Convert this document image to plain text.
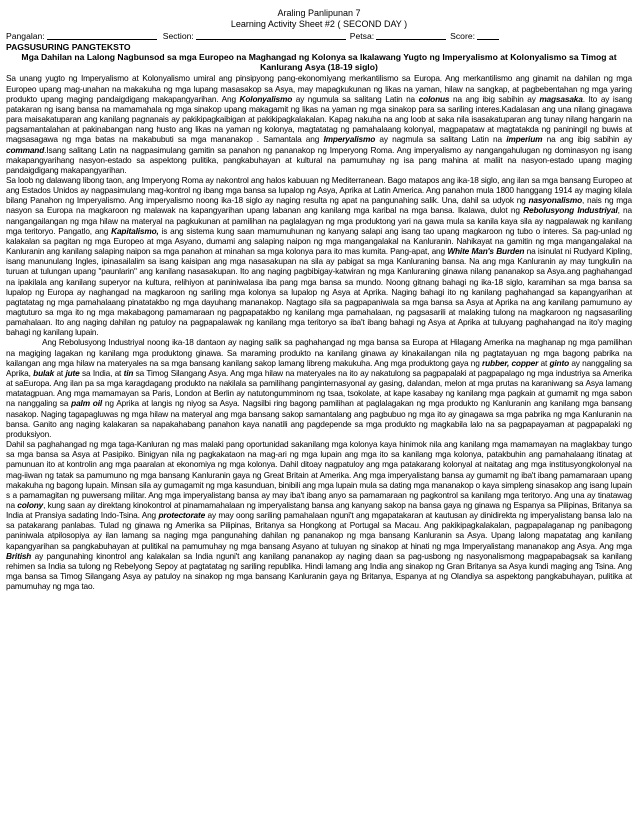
Araling Panlipunan 7
Learning Activity Sheet #2 ( SECOND DAY )
Pangalan:	Section:	Petsa:	Score:
PAGSUSURING PANGTEKSTO
Mga Dahilan na Lalong Nagbunsod sa mga Europeo na Maghangad ng Kolonya sa Ikalawang Yugto ng Imperyalismo at Kolonyalismo sa Timog at Kanlurang Asya (18-19 siglo)

Sa unang yugto ng Imperyalismo at Kolonyalismo umiral ang pinsipyong pang-ekonomiyang merkantilismo sa Europa. Ang merkantilismo ang ginamit na dahilan ng mga Europeo upang mag-unahan na makakuha ng mga lupang masasakop sa Asya, may mapagkukunan ng likas na yaman, hilaw na sangkap, at pagbebentahan ng mga yaring produkto upang maging pandaigdigang makapangyarihan. Ang Kolonyalismo ay ngumula sa salitang Latin na colonus na ang ibig sabihin ay magsasaka. Ito ay isang patakaran ng isang bansa na mamamahala ng mga sinakop upang makagamit ng likas na yaman ng mga sinakop para sa sariling interes.Kadalasan ang una nilang ginagawa para maisakatuparan ang kanilang pagnanais ay pakikipagkaibigan at pakikipagkalakalan. Kapag nakuha na ang loob at saka nila isasakatuparan ang tunay nilang hangarin na pagsamantalahan at pakinabangan nang husto ang likas na yaman ng kolonya, magtatatag ng pamahalaang kolonyal, magpapataw at magtatakda ng paniningil ng buwis at magsasagawa ng mga batas na makabubuti sa mga mananakop . Samantala ang Imperyalismo ay nagmula sa salitang Latin na imperium na ang ibig sabihin ay command.Isang salitang Latin na nagpasimulang gamitin sa panahon ng pananakop ng Imperyong Roma. Ang imperyalismo ay nangangahulugan ng dominasyon ng isang makapangyarihang nasyon-estado sa aspektong pulitika, pangkabuhayan at kultural na pamumuhay ng isa pang mahina at maliit na nasyon-estado upang maging pandaigdigang makapangyarihan.

Sa loob ng dalawang libong taon, ang Imperyong Roma ay nakontrol ang halos kabuuan ng Mediterranean. Bago matapos ang ika-18 siglo, ang ilan sa mga bansang Europeo at ang Estados Unidos ay nagpasimulang mag-kontrol ng ibang mga bansa sa lupalop ng Asya, Aprika at Latin America. Ang panahon mula 1800 hanggang 1914 ay maging kilala bilang Panahon ng Imperyalismo. Ang imperyalismo noong ika-18 siglo ay naging resulta ng apat na pangunahing salik. Una, dahil sa udyok ng nasyonalismo, nais ng mga nasyon sa Europa na magkaroon ng malawak na kapangyarihan upang labanan ang kanilang mga karibal na mga bansa. Ikalawa, dulot ng Rebolusyong Industriyal, na nangangailangan ng mga hilaw na materyal na pagkukunan at pamilihan na paglalagyan ng mga produktong yari na gawa mula sa kanila kaya sila ay nagpalawak ng kanilang mga teritoryo. Pangatlo, ang Kapitalismo, is ang sistema kung saan mamumuhunan ng kanyang salapi ang isang tao upang magkaroon ng tubo o interes. Sa pag-unlad ng kalakalan sa pagitan ng mga Europeo at mga Asyano, dumami ang salaping naipon ng mga mangangalakal na Kanluranin. Nahikayat na gamitin ng mga mangangalakal na Kanluranin ang kanilang salaping naipon sa mga panahon at minahan sa mga kolonya para ito mas kumita. Pang-apat, ang White Man's Burden na isinulat ni Rudyard Kipling, isang manunulang Ingles, ipinasailalim sa isang kaisipan ang mga nasasakupan na sila ay pabigat sa mga Kanluraning bansa. Na ang mga Kanluranin ay may tungkulin na turuan at tulungan upang "paunlarin" ang kanilang nasasakupan. Ito ang naging pagbibigay-katwiran ng mga Kanluraning ginawa nilang pananakop sa Asya.ang paghahangad na ipakilala ang kanilang superyor na kultura, relihiyon at paniniwalasa iba pang mga bansa sa mundo. Noong gitnang bahagi ng ika-18 siglo, karamihan sa mga bansa sa lupalop ng Europa ay naghangad na magkaroon ng sariling mga kolonya sa lupalop ng Asya at Aprika. Naging bahagi ito ng kanilang paghahangad sa kapangyarihan at pagtatatag ng mga pamahalaang pinatatakbo ng mga dayuhang mananakop. Nagtago sila sa pagpapaniwala sa mga bansa sa Asya at Aprika na ang kanilang pamumuno ay magtuturo sa mga ito ng mga makabagong pamamaraan ng pagpapatakbo ng kanilang mga pamahalaan, ng pagsasarili at malaking tulong na magkaroon ng nagsasariling pamahalaan. Ito ang naging dahilan ng patuloy na pagpapalawak ng kanilang mga teritoryo sa iba't ibang bahagi ng Asya at Aprika at tuluyang paghahangad na ito'y maging bahagi ng kanilang lupain.

Ang Rebolusyong Industriyal noong ika-18 dantaon ay naging salik sa paghahangad ng mga bansa sa Europa at Hilagang Amerika na maghanap ng mga pamilihan na magiging lagakan ng kanilang mga produktong ginawa. Sa maraming produkto na kanilang ginawa ay kinakailangan nila ng pagtatayuan ng mga bagong pabrika na kailangan ang mga hilaw na materyales na sa mga bansang kanilang sakop lamang libreng makukuha. Ang mga produktong gaya ng rubber, copper at ginto ay nanggaling sa Aprika, bulak at jute sa India, at tin sa Timog Silangang Asya. Ang mga hilaw na materyales na ito ay nakatulong sa pagpapalaki at pagpapalago ng mga industriya sa Amerika at saEuropa. Ang ilan pa sa mga karagdagang produkto na nakilala sa pamilihang panginternasyonal ay gasing, dalandan, melon at mga prutas na karaniwang sa Asya lamang matatagpuan. Ang mga mamamayan sa Paris, London at Berlin ay natutongumminom ng tsaa, tsokolate, at kape kasabay ng kanilang mga pagkain at gumamit ng mga sabon na nanggaling sa palm oil ng Aprika at langis ng niyog sa Asya. Nagsilbi ring bagong pamilihan at paglalagakan ng mga produkto ng Kanluranin ang kanilang mga bansang nasakop. Naging tagapagluwas ng mga hilaw na materyal ang mga bansang sakop samantalang ang pagbubuo ng mga ito ay ginagawa sa mga pabrika ng mga Kanluranin na bansa. Ganito ang naging kalakaran sa napakahabang panahon kaya nanatili ang pagdepende sa mga produkto ng magkabila lalo na sa pagpapayaman at pagpapalaki ng produksiyon.

Dahil sa paghahangad ng mga taga-Kanluran ng mas malaki pang oportunidad sakanilang mga kolonya kaya hinimok nila ang kanilang mga mamamayan na maglakbay tungo sa mga bansa sa Asya at Pasipiko. Binigyan nila ng pagkakataon na mag-ari ng mga lupain ang mga ito sa kanilang mga kolonya, patakbuhin ang pamahalaang itinatag at pamunuan ito at kontrolin ang mga paaralan at ekonomiya ng mga kolonya. Dahil ditoay nagpatuloy ang mga patakarang kolonyal at naitatag ang mga institusyongkolonyal na mag-iiwan ng tatak sa pamumuno ng mga bansang Kanluranin gaya ng Great Britain at Amerika. Ang mga imperyalistang bansa ay gumamit ng iba't ibang pamamaraan upang makakuha ng bagong lupain. Minsan sila ay gumagamit ng mga kasunduan, binibili ang mga lupain mula sa dating mga mananakop o kaya simpleng sinasakop ang isang lupain s a pamamagitan ng puwersang militar. Ang mga imperyalistang bansa ay may iba't ibang anyo sa pamamaraan ng pagkontrol sa kanilang mga teritoryo. Ang una ay tinatawag na colony, kung saan ay direktang kinokontrol at pinamamahalaan ng imperyalistang bansa ang kanyang sakop na bansa gaya ng ginawa ng Espanya sa Pilipinas, Britanya sa India at Pransiya sadating Indo-Tsina. Ang protectorate ay may oong sariling pamahalaan nguni't ang mgapatakaran at kautusan ay dinidirekta ng imperyalistang bansa lalo na sa patakarang panlabas. Tulad ng ginawa ng Amerika sa Pilipinas, Britanya sa Hongkong at Portugal sa Macau. Ang pakikipagkalakalan, pagpapalaganap ng panibagong paniniwala atpilosopiya ay ilan lamang sa naging mga pangunahing dahilan ng pananakop ng mga bansang Kanluranin sa Asya. Upang lalong mapatatag ang kanilang kapangyarihan sa pangkabuhayan at pulitikal na pamumuhay ng mga bansang Asyano at tuluyan ng sinakop at hinati ng mga Imperyalistang mananakop ang Asya. Ang mga British ay pangunahing kinontrol ang kalakalan sa India nguni't ang kanilang pananakop ay naging daan sa pag-usbong ng nasyonalismong magpapabagsak sa kanilang rehimen sa India sa tulong ng Rebelyong Sepoy at pagtatatag ng sariling republika. Hindi lamang ang India ang sinakop ng Gran Britanya sa Asya kundi maging ang Tsina. Ang mga bansa sa Timog Silangang Asya ay patuloy na sinakop ng mga bansang Kanluranin gaya ng Britanya, Espanya at ng Olandiya sa aspektong pangkabuhayan, pulitika at pamumuhay ng mga tao.
